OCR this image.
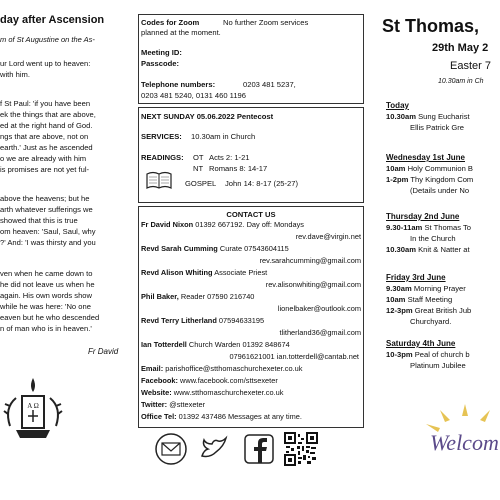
day after Ascension
m of St Augustine on the As-
ur Lord went up to heaven:
with him.
f St Paul: 'if you have been
ek the things that are above,
ed at the right hand of God.
ngs that are above, not on
earth.' Just as he ascended
o we are already with him
is promises are not yet ful-
above the heavens; but he
arth whatever sufferings we
showed that this is true
om heaven: 'Saul, Saul, why
?' And: 'I was thirsty and you
ven when he came down to
he did not leave us when he
again. His own words show
while he was here: 'No one
eaven but he who descended
n of man who is in heaven.'
Fr David
A Ω
Codes for Zoom	No further Zoom services
planned at the moment.
Meeting ID:
Passcode:
Telephone numbers:	0203 481 5237,
0203 481 5240, 0131 460 1196
NEXT SUNDAY 05.06.2022 Pentecost
SERVICES: 10.30am in Church
READINGS: OT Acts 2: 1-21
NT Romans 8: 14-17
GOSPEL John 14: 8-17 (25-27)
CONTACT US
Fr David Nixon 01392 667192. Day off: Mondays
rev.dave@virgin.net
Revd Sarah Cumming Curate 07543604115
rev.sarahcumming@gmail.com
Revd Alison Whiting Associate Priest
rev.alisonwhiting@gmail.com
Phil Baker, Reader 07590 216740
lionelbaker@outlook.com
Revd Terry Litherland 07594633195
tlitherland36@gmail.com
Ian Totterdell Church Warden 01392 848674
07961621001 ian.totterdell@cantab.net
Email: parishoffice@stthomaschurchexeter.co.uk
Facebook: www.facebook.com/sttsexeter
Website: www.stthomaschurchexeter.co.uk
Twitter: @sttexeter
Office Tel: 01392 437486 Messages at any time.
St Thomas,
29th May 2
Easter 7
10.30am in Ch
Today
10.30am Sung Eucharist
Ellis Patrick Gre
Wednesday 1st June
10am Holy Communion B
1-2pm Thy Kingdom Com
(Details under No
Thursday 2nd June
9.30-11am St Thomas To
In the Church
10.30am Knit & Natter at
Friday 3rd June
9.30am Morning Prayer
10am Staff Meeting
12-3pm Great British Jub
Churchyard.
Saturday 4th June
10-3pm Peal of church b
Platinum Jubilee
Welcom
